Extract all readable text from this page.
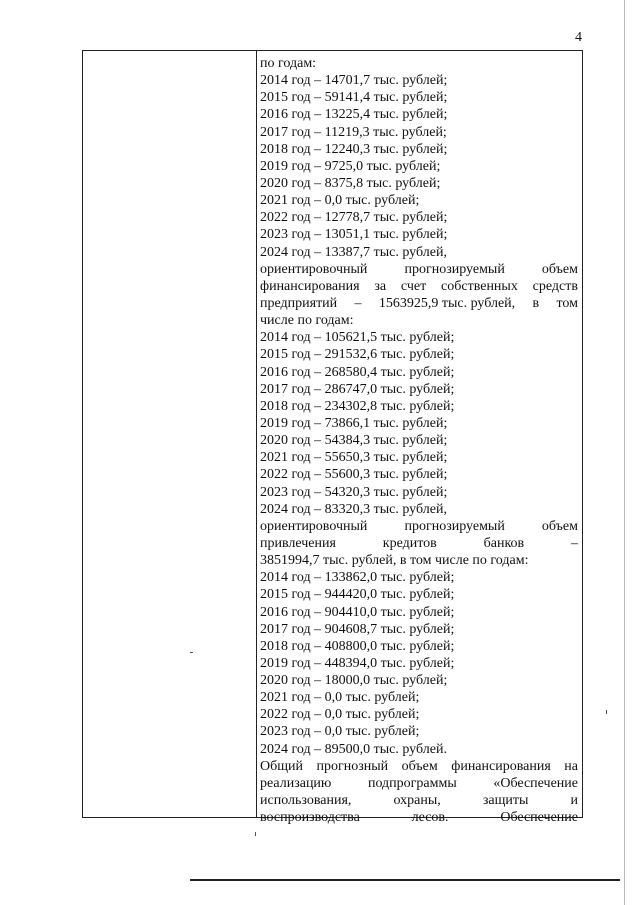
4
по годам:
2014 год – 14701,7 тыс. рублей;
2015 год – 59141,4 тыс. рублей;
2016 год – 13225,4 тыс. рублей;
2017 год – 11219,3 тыс. рублей;
2018 год – 12240,3 тыс. рублей;
2019 год – 9725,0 тыс. рублей;
2020 год – 8375,8 тыс. рублей;
2021 год – 0,0 тыс. рублей;
2022 год – 12778,7 тыс. рублей;
2023 год – 13051,1 тыс. рублей;
2024 год – 13387,7 тыс. рублей,
ориентировочный	прогнозируемый	объем
финансирования за счет собственных средств
предприятий – 1563925,9 тыс. рублей, в том
числе по годам:
2014 год – 105621,5 тыс. рублей;
2015 год – 291532,6 тыс. рублей;
2016 год – 268580,4 тыс. рублей;
2017 год – 286747,0 тыс. рублей;
2018 год – 234302,8 тыс. рублей;
2019 год – 73866,1 тыс. рублей;
2020 год – 54384,3 тыс. рублей;
2021 год – 55650,3 тыс. рублей;
2022 год – 55600,3 тыс. рублей;
2023 год – 54320,3 тыс. рублей;
2024 год – 83320,3 тыс. рублей,
ориентировочный	прогнозируемый	объем
привлечения	кредитов	банков	–
3851994,7 тыс. рублей, в том числе по годам:
2014 год – 133862,0 тыс. рублей;
2015 год – 944420,0 тыс. рублей;
2016 год – 904410,0 тыс. рублей;
2017 год – 904608,7 тыс. рублей;
2018 год – 408800,0 тыс. рублей;
2019 год – 448394,0 тыс. рублей;
2020 год – 18000,0 тыс. рублей;
2021 год – 0,0 тыс. рублей;
2022 год – 0,0 тыс. рублей;
2023 год – 0,0 тыс. рублей;
2024 год – 89500,0 тыс. рублей.
Общий прогнозный объем финансирования на
реализацию	подпрограммы	«Обеспечение
использования,	охраны,	защиты	и
воспроизводства	лесов.	Обеспечение
